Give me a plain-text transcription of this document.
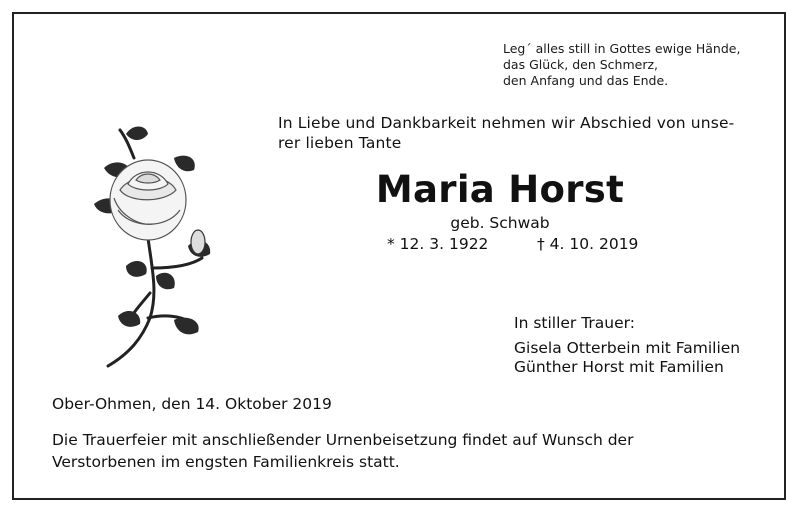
Leg´ alles still in Gottes ewige Hände,
das Glück, den Schmerz,
den Anfang und das Ende.
In Liebe und Dankbarkeit nehmen wir Abschied von unse-
rer lieben Tante
Maria Horst
geb. Schwab
* 12. 3. 1922	† 4. 10. 2019
In stiller Trauer:
Gisela Otterbein mit Familien
Günther Horst mit Familien
Ober-Ohmen, den 14. Oktober 2019
Die Trauerfeier mit anschließender Urnenbeisetzung findet auf Wunsch der
Verstorbenen im engsten Familienkreis statt.
